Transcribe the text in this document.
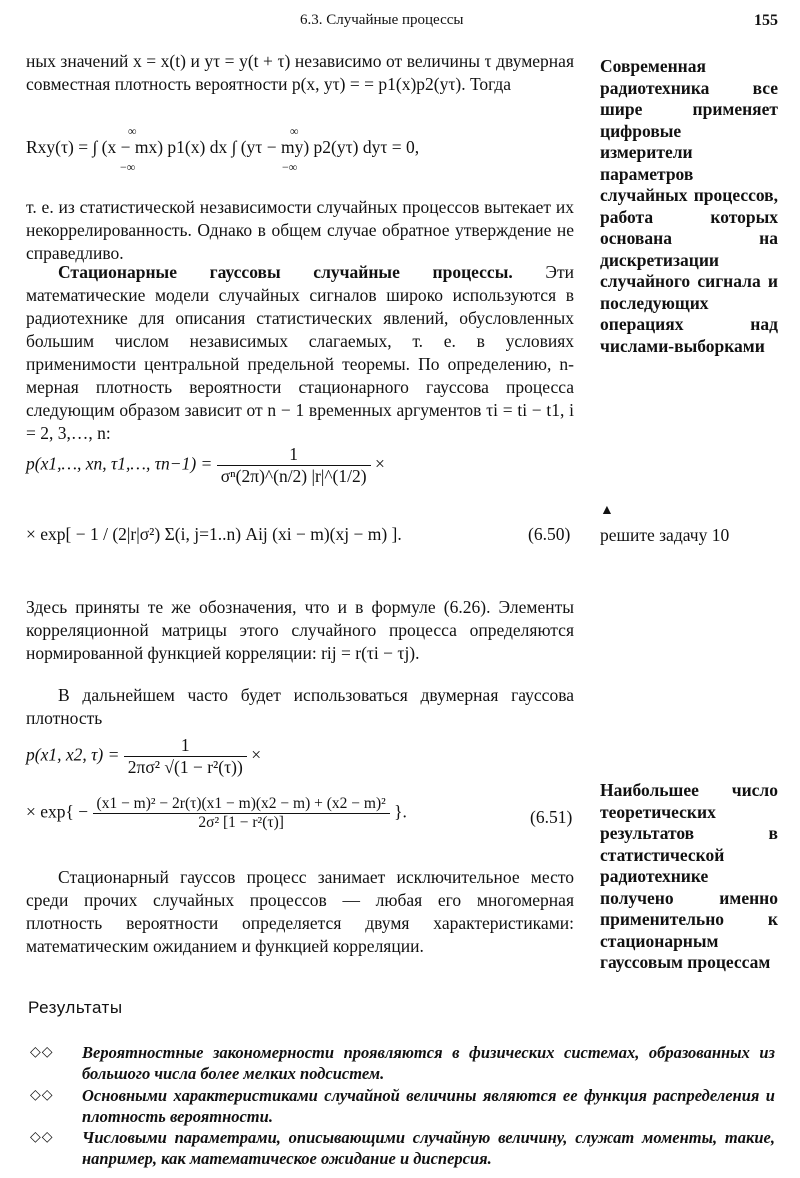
6.3. Случайные процессы	155
ных значений x = x(t) и yτ = y(t + τ) независимо от величины τ двумерная совместная плотность вероятности p(x, yτ) = = p1(x)p2(yτ). Тогда
Rxy(τ) = ∫ (x − mx) p1(x) dx ∫ (yτ − my) p2(yτ) dyτ = 0,
∞
−∞
∞
−∞
т. е. из статистической независимости случайных процессов вытекает их некоррелированность. Однако в общем случае обратное утверждение не справедливо.
Стационарные гауссовы случайные процессы. Эти математические модели случайных сигналов широко используются в радиотехнике для описания статистических явлений, обусловленных большим числом независимых слагаемых, т. е. в условиях применимости центральной предельной теоремы. По определению, n-мерная плотность вероятности стационарного гауссова процесса следующим образом зависит от n − 1 временных аргументов τi = ti − t1, i = 2, 3,…, n:
p(x1,…, xn, τ1,…, $\tau n-1) = \frac{1}{\text{σⁿ(2π)\textasciicircum{}(n/2) |r|\textasciicircum{}(1/2)}}$ ×
× exp[ − 1 / (2|r|σ²) Σ(i, j=1..n) Aij (xi − m)(xj − m) ].	(6.50)
Здесь приняты те же обозначения, что и в формуле (6.26). Элементы корреляционной матрицы этого случайного процесса определяются нормированной функцией корреляции: rij = r(τi − τj).
В дальнейшем часто будет использоваться двумерная гауссова плотность
p(x1, x2, $\tau) = \frac{1}{\text{2πσ² √(1 − r²(τ))}}$ ×
× $\exp\{ - \frac{\text{(x1 − m)² − 2r(τ)(x1 − m)(x2 − m) + (x2 − m)²}}{\text{2σ² [1 − r²(τ)]}}$ }.	(6.51)
Стационарный гауссов процесс занимает исключительное место среди прочих случайных процессов — любая его многомерная плотность вероятности определяется двумя характеристиками: математическим ожиданием и функцией корреляции.
Современная радиотехника все шире применяет цифровые измерители параметров случайных процессов, работа которых основана на дискретизации случайного сигнала и последующих операциях над числами-выборками
▲
решите задачу 10
Наибольшее число теоретических результатов в статистической радиотехнике получено именно применительно к стационарным гауссовым процессам
Результаты
◇◇ Вероятностные закономерности проявляются в физических системах, образованных из большого числа более мелких подсистем.
◇◇ Основными характеристиками случайной величины являются ее функция распределения и плотность вероятности.
◇◇ Числовыми параметрами, описывающими случайную величину, служат моменты, такие, например, как математическое ожидание и дисперсия.
